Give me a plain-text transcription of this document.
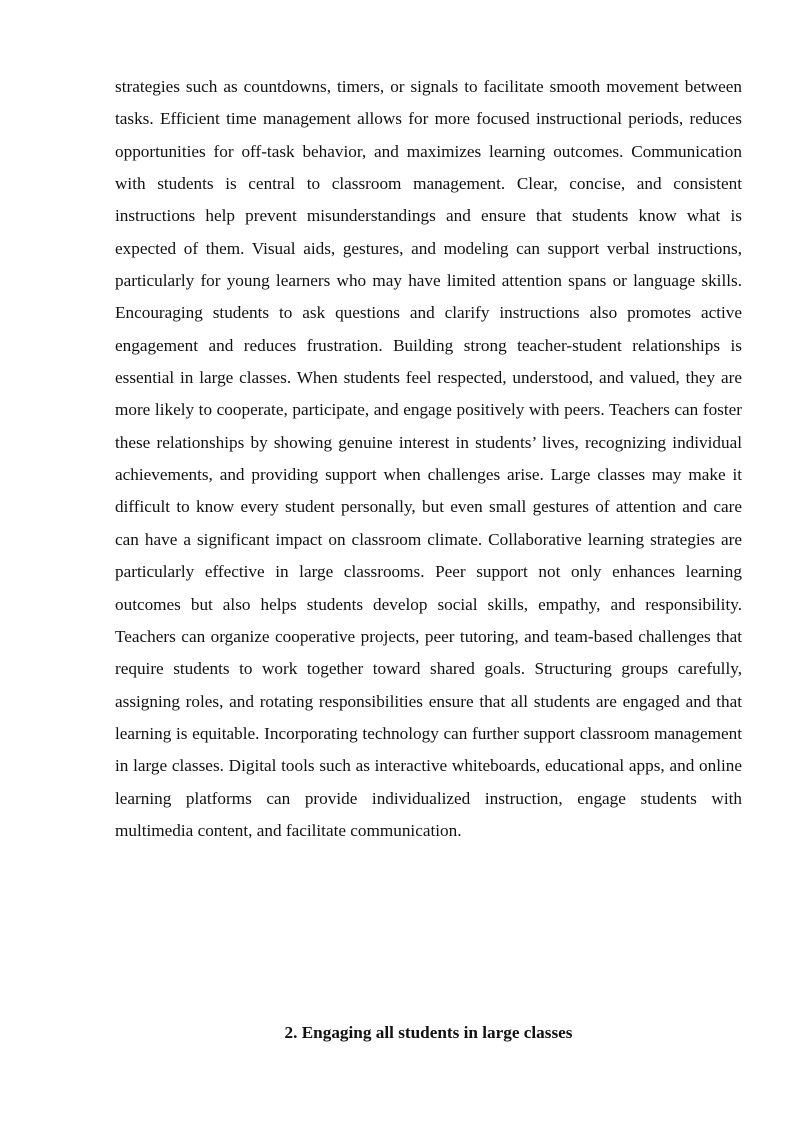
strategies such as countdowns, timers, or signals to facilitate smooth movement between tasks. Efficient time management allows for more focused instructional periods, reduces opportunities for off-task behavior, and maximizes learning outcomes. Communication with students is central to classroom management. Clear, concise, and consistent instructions help prevent misunderstandings and ensure that students know what is expected of them. Visual aids, gestures, and modeling can support verbal instructions, particularly for young learners who may have limited attention spans or language skills. Encouraging students to ask questions and clarify instructions also promotes active engagement and reduces frustration. Building strong teacher-student relationships is essential in large classes. When students feel respected, understood, and valued, they are more likely to cooperate, participate, and engage positively with peers. Teachers can foster these relationships by showing genuine interest in students’ lives, recognizing individual achievements, and providing support when challenges arise. Large classes may make it difficult to know every student personally, but even small gestures of attention and care can have a significant impact on classroom climate. Collaborative learning strategies are particularly effective in large classrooms. Peer support not only enhances learning outcomes but also helps students develop social skills, empathy, and responsibility. Teachers can organize cooperative projects, peer tutoring, and team-based challenges that require students to work together toward shared goals. Structuring groups carefully, assigning roles, and rotating responsibilities ensure that all students are engaged and that learning is equitable. Incorporating technology can further support classroom management in large classes. Digital tools such as interactive whiteboards, educational apps, and online learning platforms can provide individualized instruction, engage students with multimedia content, and facilitate communication.

2. Engaging all students in large classes
